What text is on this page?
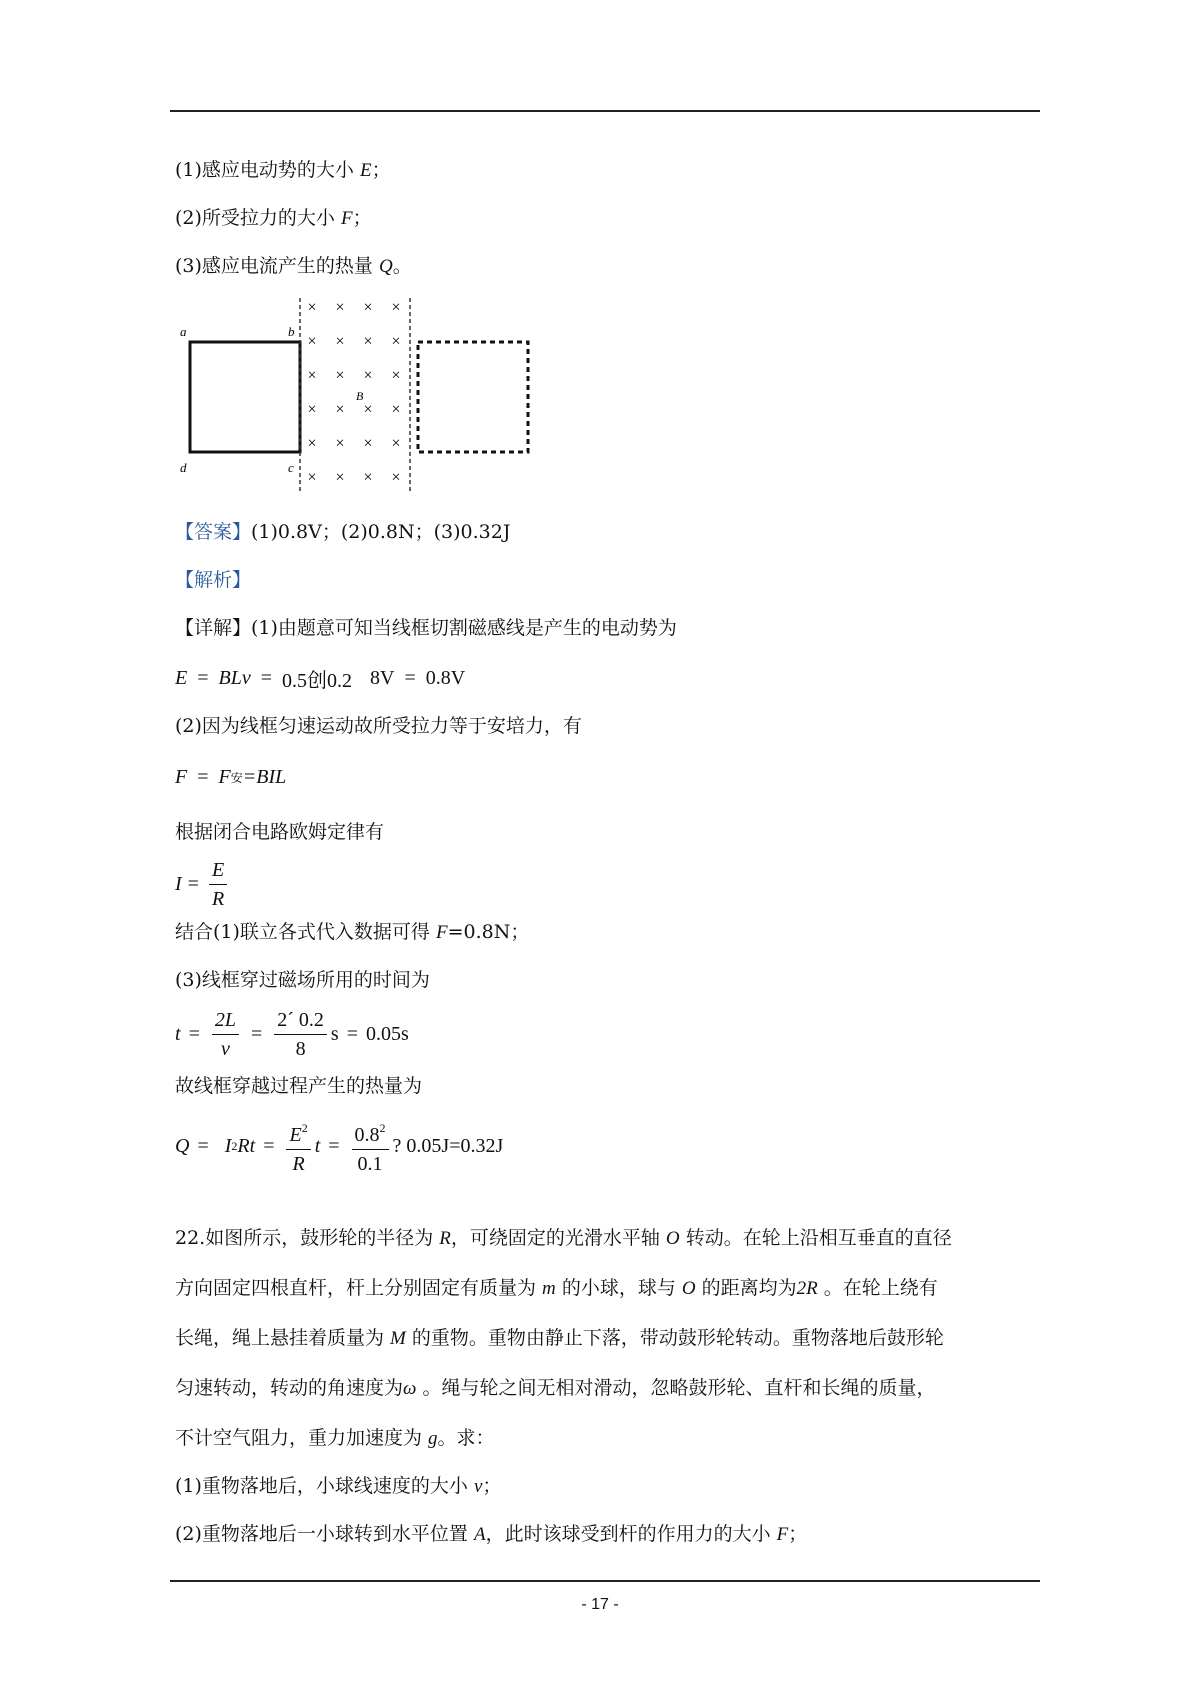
(1)感应电动势的大小 E；
(2)所受拉力的大小 F；
(3)感应电流产生的热量 Q。
a	b
c
d
B
× × × ×
× × × ×
× × × ×
× × × ×
× × × ×
× × × ×
【答案】(1)0.8V；(2)0.8N；(3)0.32J
【解析】
【详解】(1)由题意可知当线框切割磁感线是产生的电动势为
E = BLv = 0.5创0.2 8V = 0.8V
(2)因为线框匀速运动故所受拉力等于安培力，有
F = F 安 =BIL
根据闭合电路欧姆定律有
$I = \frac{E}{R}$
结合(1)联立各式代入数据可得 F=0.8N；
(3)线框穿过磁场所用的时间为
$t = \frac{2L}{v} = \frac{2´ 0.2}{8}$ s = 0.05s
故线框穿越过程产生的热量为
Q = I 2 $Rt = \frac{E^2}{R}$ $t = \frac{0.8^2}{0.1}$ ? 0.05J=0.32J
22.如图所示，鼓形轮的半径为 R，可绕固定的光滑水平轴 O 转动。在轮上沿相互垂直的直径
方向固定四根直杆，杆上分别固定有质量为 m 的小球，球与 O 的距离均为2R 。在轮上绕有
长绳，绳上悬挂着质量为 M 的重物。重物由静止下落，带动鼓形轮转动。重物落地后鼓形轮
匀速转动，转动的角速度为ω 。绳与轮之间无相对滑动，忽略鼓形轮、直杆和长绳的质量，
不计空气阻力，重力加速度为 g。求：
(1)重物落地后，小球线速度的大小 v；
(2)重物落地后一小球转到水平位置 A，此时该球受到杆的作用力的大小 F；
- 17 -
